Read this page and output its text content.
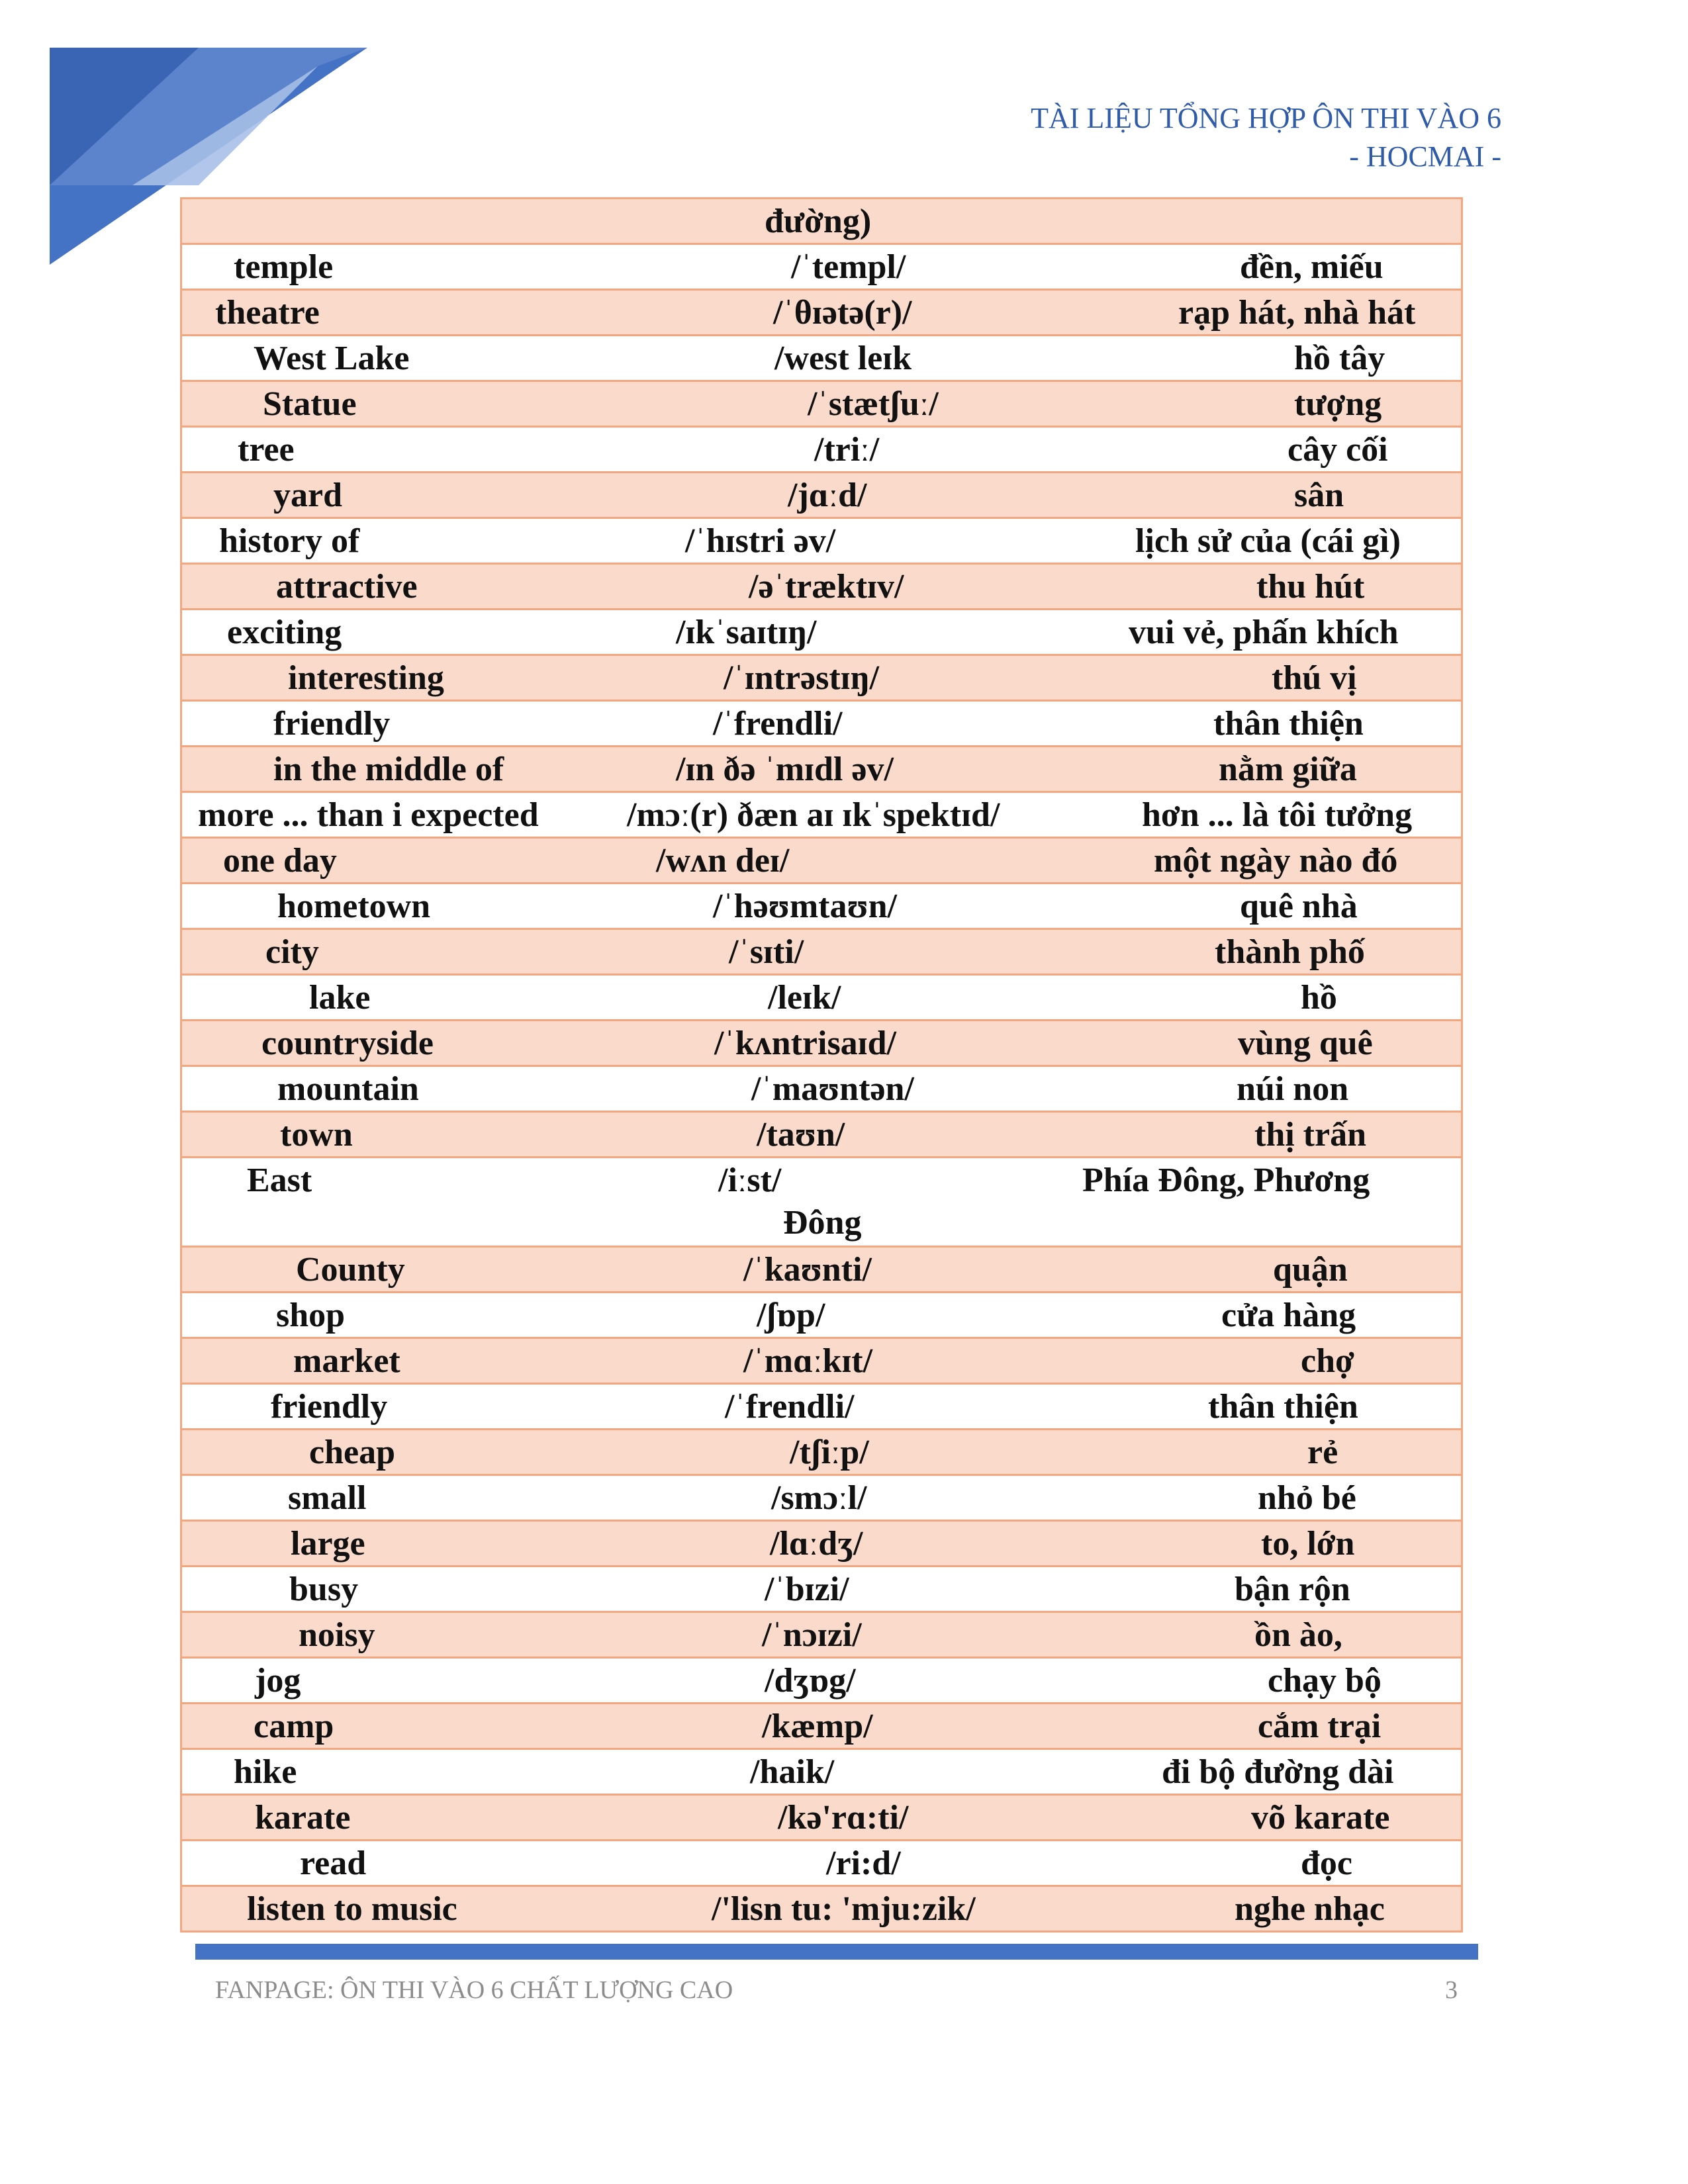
TÀI LIỆU TỔNG HỢP ÔN THI VÀO 6
- HOCMAI -
đường)
temple	/ˈtempl/	đền, miếu
theatre	/ˈθɪətə(r)/	rạp hát, nhà hát
West Lake	/west leɪk	hồ tây
Statue	/ˈstætʃuː/	tượng
tree	/triː/	cây cối
yard	/jɑːd/	sân
history of	/ˈhɪstri əv/	lịch sử của (cái gì)
attractive	/əˈtræktɪv/	thu hút
exciting	/ɪkˈsaɪtɪŋ/	vui vẻ, phấn khích
interesting	/ˈɪntrəstɪŋ/	thú vị
friendly	/ˈfrendli/	thân thiện
in the middle of	/ɪn ðə ˈmɪdl əv/	nằm giữa
more ... than i expected	/mɔː(r) ðæn aɪ ɪkˈspektɪd/	hơn ... là tôi tưởng
one day	/wʌn deɪ/	một ngày nào đó
hometown	/ˈhəʊmtaʊn/	quê nhà
city	/ˈsɪti/	thành phố
lake	/leɪk/	hồ
countryside	/ˈkʌntrisaɪd/	vùng quê
mountain	/ˈmaʊntən/	núi non
town	/taʊn/	thị trấn
East	/iːst/	Phía Đông, Phương
Đông
County	/ˈkaʊnti/	quận
shop	/ʃɒp/	cửa hàng
market	/ˈmɑːkɪt/	chợ
friendly	/ˈfrendli/	thân thiện
cheap	/tʃiːp/	rẻ
small	/smɔːl/	nhỏ bé
large	/lɑːdʒ/	to, lớn
busy	/ˈbɪzi/	bận rộn
noisy	/ˈnɔɪzi/	ồn ào,
jog	/dʒɒg/	chạy bộ
camp	/kæmp/	cắm trại
hike	/haik/	đi bộ đường dài
karate	/kə'rɑ:ti/	võ karate
read	/ri:d/	đọc
listen to music	/'lisn tu: 'mju:zik/	nghe nhạc
FANPAGE: ÔN THI VÀO 6 CHẤT LƯỢNG CAO	3
